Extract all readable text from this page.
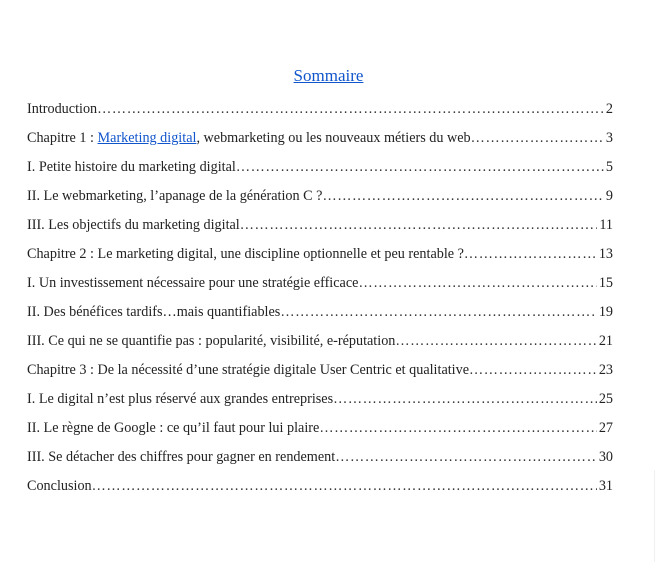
Sommaire
Introduction ………………………………………………………………………………………………………………………………………………………	2
Chapitre 1 : Marketing digital, webmarketing ou les nouveaux métiers du web ………………………………………………………………………………………………………………………………………………………	3
I. Petite histoire du marketing digital ………………………………………………………………………………………………………………………………………………………	5
II. Le webmarketing, l’apanage de la génération C ? ………………………………………………………………………………………………………………………………………………………	9
III. Les objectifs du marketing digital ………………………………………………………………………………………………………………………………………………………	11
Chapitre 2 : Le marketing digital, une discipline optionnelle et peu rentable ? ………………………………………………………………………………………………………………………………………………………	13
I. Un investissement nécessaire pour une stratégie efficace ………………………………………………………………………………………………………………………………………………………	15
II. Des bénéfices tardifs…mais quantifiables ………………………………………………………………………………………………………………………………………………………	19
III. Ce qui ne se quantifie pas : popularité, visibilité, e-réputation ………………………………………………………………………………………………………………………………………………………	21
Chapitre 3 : De la nécessité d’une stratégie digitale User Centric et qualitative ………………………………………………………………………………………………………………………………………………………	23
I. Le digital n’est plus réservé aux grandes entreprises ………………………………………………………………………………………………………………………………………………………	25
II. Le règne de Google : ce qu’il faut pour lui plaire ………………………………………………………………………………………………………………………………………………………	27
III. Se détacher des chiffres pour gagner en rendement ………………………………………………………………………………………………………………………………………………………	30
Conclusion ………………………………………………………………………………………………………………………………………………………	31
